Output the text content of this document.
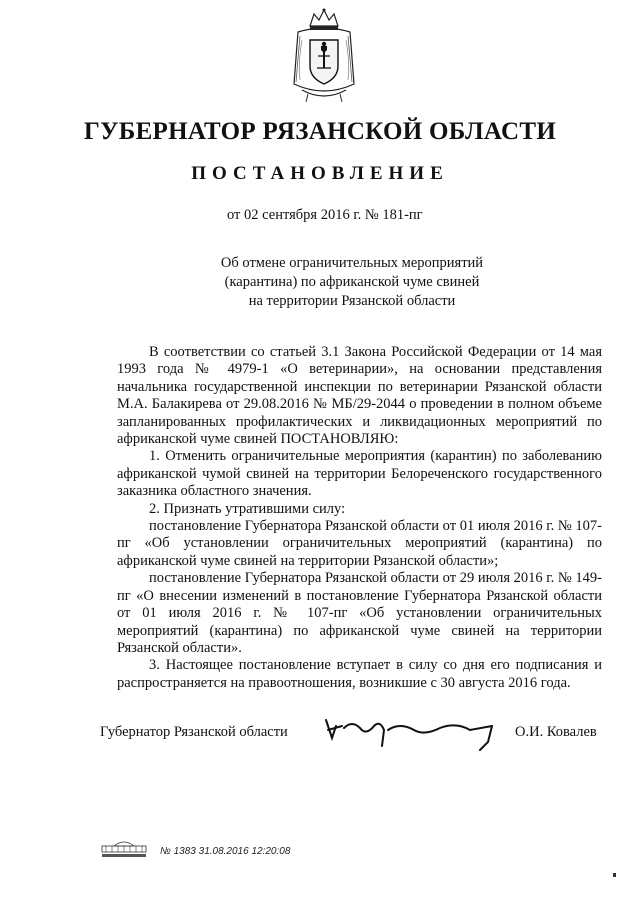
ГУБЕРНАТОР РЯЗАНСКОЙ ОБЛАСТИ
ПОСТАНОВЛЕНИЕ
от 02 сентября 2016 г. № 181-пг
Об отмене ограничительных мероприятий
(карантина) по африканской чуме свиней
на территории Рязанской области

В соответствии со статьей 3.1 Закона Российской Федерации от 14 мая 1993 года № 4979-1 «О ветеринарии», на основании представления начальника государственной инспекции по ветеринарии Рязанской области М.А. Балакирева от 29.08.2016 № МБ/29-2044 о проведении в полном объеме запланированных профилактических и ликвидационных мероприятий по африканской чуме свиней ПОСТАНОВЛЯЮ:

1. Отменить ограничительные мероприятия (карантин) по заболеванию африканской чумой свиней на территории Белореченского государственного заказника областного значения.

2. Признать утратившими силу:

постановление Губернатора Рязанской области от 01 июля 2016 г. № 107-пг «Об установлении ограничительных мероприятий (карантина) по африканской чуме свиней на территории Рязанской области»;

постановление Губернатора Рязанской области от 29 июля 2016 г. № 149-пг «О внесении изменений в постановление Губернатора Рязанской области от 01 июля 2016 г. № 107-пг «Об установлении ограничительных мероприятий (карантина) по африканской чуме свиней на территории Рязанской области».

3. Настоящее постановление вступает в силу со дня его подписания и распространяется на правоотношения, возникшие с 30 августа 2016 года.

Губернатор Рязанской области	О.И. Ковалев
№ 1383 31.08.2016 12:20:08
